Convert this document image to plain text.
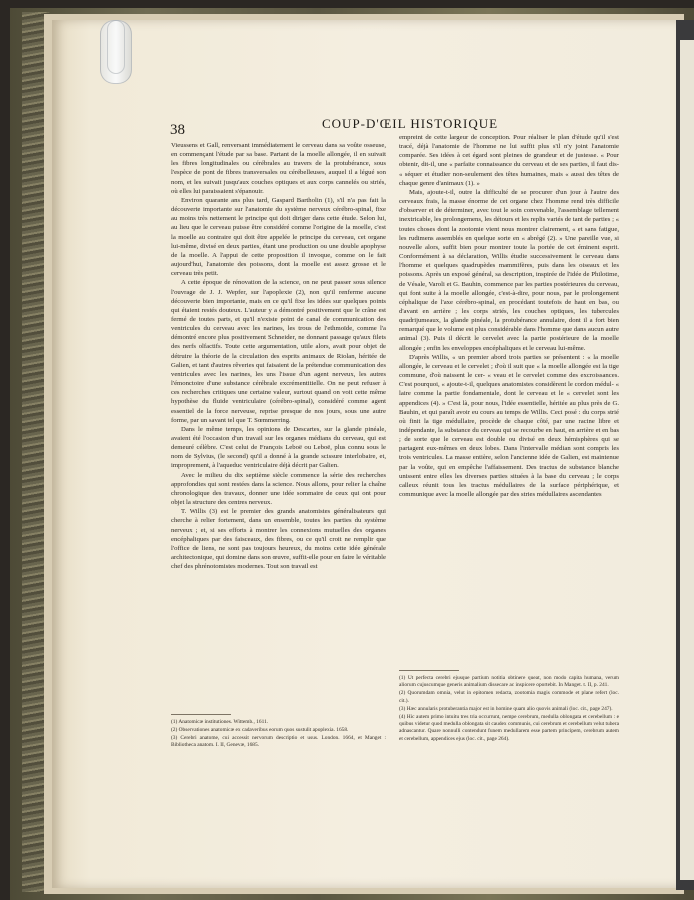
38	COUP-D'ŒIL HISTORIQUE

Vieussens et Gall, renversant immédiatement le cerveau dans sa voûte osseuse, en commençant l'étude par sa base. Partant de la moelle allongée, il en suivait les fibres longitudinales ou cérébrales au travers de la protubérance, sous l'espèce de pont de fibres transversales ou cérébelleuses, auquel il a légué son nom, et les suivait jusqu'aux couches optiques et aux corps cannelés ou striés, où elles lui paraissaient s'épanouir.

Environ quarante ans plus tard, Gaspard Bartholin (1), s'il n'a pas fait la découverte importante sur l'anatomie du système nerveux cérébro-spinal, fixe au moins très nettement le principe qui doit diriger dans cette étude. Selon lui, au lieu que le cerveau puisse être considéré comme l'origine de la moelle, c'est la moelle au contraire qui doit être appelée le principe du cerveau, cet organe lui-même, divisé en deux parties, étant une production ou une double apophyse de la moelle. A l'appui de cette proposition il invoque, comme on le fait aujourd'hui, l'anatomie des poissons, dont la moelle est assez grosse et le cerveau très petit.

A cette époque de rénovation de la science, on ne peut passer sous silence l'ouvrage de J. J. Wepfer, sur l'apoplexie (2), non qu'il renferme aucune découverte bien importante, mais en ce qu'il fixe les idées sur quelques points qui étaient restés douteux. L'auteur y a démontré positivement que le crâne est fermé de toutes parts, et qu'il n'existe point de canal de communication des ventricules du cerveau avec les narines, les trous de l'ethmoïde, comme l'a démontré encore plus positivement Schneider, ne donnant passage qu'aux filets des nerfs olfactifs. Toute cette argumentation, utile alors, avait pour objet de détruire la théorie de la circulation des esprits animaux de Riolan, héritée de Galien, et tant d'autres rêveries qui faisaient de la prétendue communication des ventricules avec les narines, les uns l'issue d'un agent nerveux, les autres l'émonctoire d'une substance cérébrale excrémentitielle. On ne peut refuser à ces recherches critiques une certaine valeur, surtout quand on voit cette même hypothèse du fluide ventriculaire (cérébro-spinal), considéré comme agent essentiel de la force nerveuse, reprise presque de nos jours, sous une autre forme, par un savant tel que T. Sœmmerring.

Dans le même temps, les opinions de Descartes, sur la glande pinéale, avaient été l'occasion d'un travail sur les organes médians du cerveau, qui est demeuré célèbre. C'est celui de François Leboë ou Leboë, plus connu sous le nom de Sylvius, (le second) qu'il a donné à la grande scissure interlobaire, et, improprement, à l'aqueduc ventriculaire déjà décrit par Galien.

Avec le milieu du dix septième siècle commence la série des recherches approfondies qui sont restées dans la science. Nous allons, pour relier la chaîne chronologique des travaux, donner une idée sommaire de ceux qui ont pour objet la structure des centres nerveux.

T. Willis (3) est le premier des grands anatomistes généralisateurs qui cherche à relier fortement, dans un ensemble, toutes les parties du système nerveux ; et, si ses efforts à montrer les connexions mutuelles des organes encéphaliques par des faisceaux, des fibres, ou ce qu'il croit ne remplir que l'office de liens, ne sont pas toujours heureux, du moins cette idée générale architectonique, qui domine dans son œuvre, suffit-elle pour en faire le véritable chef des phrénotomistes modernes. Tout son travail est

empreint de cette largeur de conception. Pour réaliser le plan d'étude qu'il s'est tracé, déjà l'anatomie de l'homme ne lui suffit plus s'il n'y joint l'anatomie comparée. Ses idées à cet égard sont pleines de grandeur et de justesse. « Pour obtenir, dit-il, une « parfaite connaissance du cerveau et de ses parties, il faut dis- « séquer et étudier non-seulement des têtes humaines, mais « aussi des têtes de chaque genre d'animaux (1). »

Mais, ajoute-t-il, outre la difficulté de se procurer d'un jour à l'autre des cerveaux frais, la masse énorme de cet organe chez l'homme rend très difficile d'observer et de déterminer, avec tout le soin convenable, l'assemblage tellement inextricable, les prolongemens, les détours et les replis variés de tant de parties ; « toutes choses dont la zootomie vient nous montrer clairement, « et sans fatigue, les rudimens assemblés en quelque sorte en « abrégé (2). » Une pareille vue, si nouvelle alors, suffit bien pour montrer toute la portée de cet éminent esprit. Conformément à sa déclaration, Willis étudie successivement le cerveau dans l'homme et quelques quadrupèdes mammifères, puis dans les oiseaux et les poissons. Après un exposé général, sa description, inspirée de l'idée de Philotime, de Vésale, Varoli et G. Bauhin, commence par les parties postérieures du cerveau, qui font suite à la moelle allongée, c'est-à-dire, pour nous, par le prolongement céphalique de l'axe cérébro-spinal, en procédant toutefois de haut en bas, ou d'avant en arrière ; les corps striés, les couches optiques, les tubercules quadrijumeaux, la glande pinéale, la protubérance annulaire, dont il a fort bien remarqué que le volume est plus considérable dans l'homme que dans aucun autre animal (3). Puis il décrit le cervelet avec la partie postérieure de la moelle allongée ; enfin les enveloppes encéphaliques et le cerveau lui-même.

D'après Willis, « un premier abord trois parties se présentent : « la moelle allongée, le cerveau et le cervelet ; d'où il suit que « la moelle allongée est la tige commune, d'où naissent le cer- « veau et le cervelet comme des excroissances. C'est pourquoi, « ajoute-t-il, quelques anatomistes considèrent le cordon médul- « laire comme la partie fondamentale, dont le cerveau et le « cervelet sont les appendices (4). » C'est là, pour nous, l'idée essentielle, héritée au plus près de G. Bauhin, et qui paraît avoir eu cours au temps de Willis. Ceci posé : du corps strié où finit la tige médullaire, procède de chaque côté, par une racine libre et indépendante, la substance du cerveau qui se recourbe en haut, en arrière et en bas ; de sorte que le cerveau est double ou divisé en deux hémisphères qui se partagent eux-mêmes en deux lobes. Dans l'intervalle médian sont compris les trois ventricules. La masse entière, selon l'ancienne idée de Galien, est maintenue par la voûte, qui en empêche l'affaissement. Des tractus de substance blanche unissent entre elles les diverses parties situées à la base du cerveau ; le corps calleux réunit tous les tractus médullaires de la surface périphérique, et communique avec la moelle allongée par des stries médullaires ascendantes

(1) Anatomicæ institutiones. Wittemb., 1611.
(2) Observationes anatomicæ ex cadaveribus eorum quos sustulit apoplexia. 1658.
(3) Cerebri anatome, cui accessit nervorum descriptio et usus. London. 1664, et Manget : Bibliotheca anatom. I. II, Genevæ, 1685.
(1) Ut perfecta cerebri ejusque partium notitia obtinere queat, non modo capita humana, verum aliorum cujuscumque generis animalium dissecare ac inspicere oportebit. In Manget. t. II, p. 241.
(2) Quorumdam omnia, velut in epitomen redacta, zootomia magis commode et plane refert (loc. cit.).
(3) Hæc annularis protuberantia major est in homine quam alio quovis animali (loc. cit., page 247).
(4) Hic autem primo intuitu tres tria occurrunt, nempe cerebrum, medulla oblongata et cerebellum : e quibus videtur quod medulla oblongata sit caudex communis, cui cerebrum et cerebellum velut tubera adnascantur. Quare nonnulli contendunt funem medullarem esse partem principem, cerebrum autem et cerebellum, appendices ejus (loc. cit., page 264).
